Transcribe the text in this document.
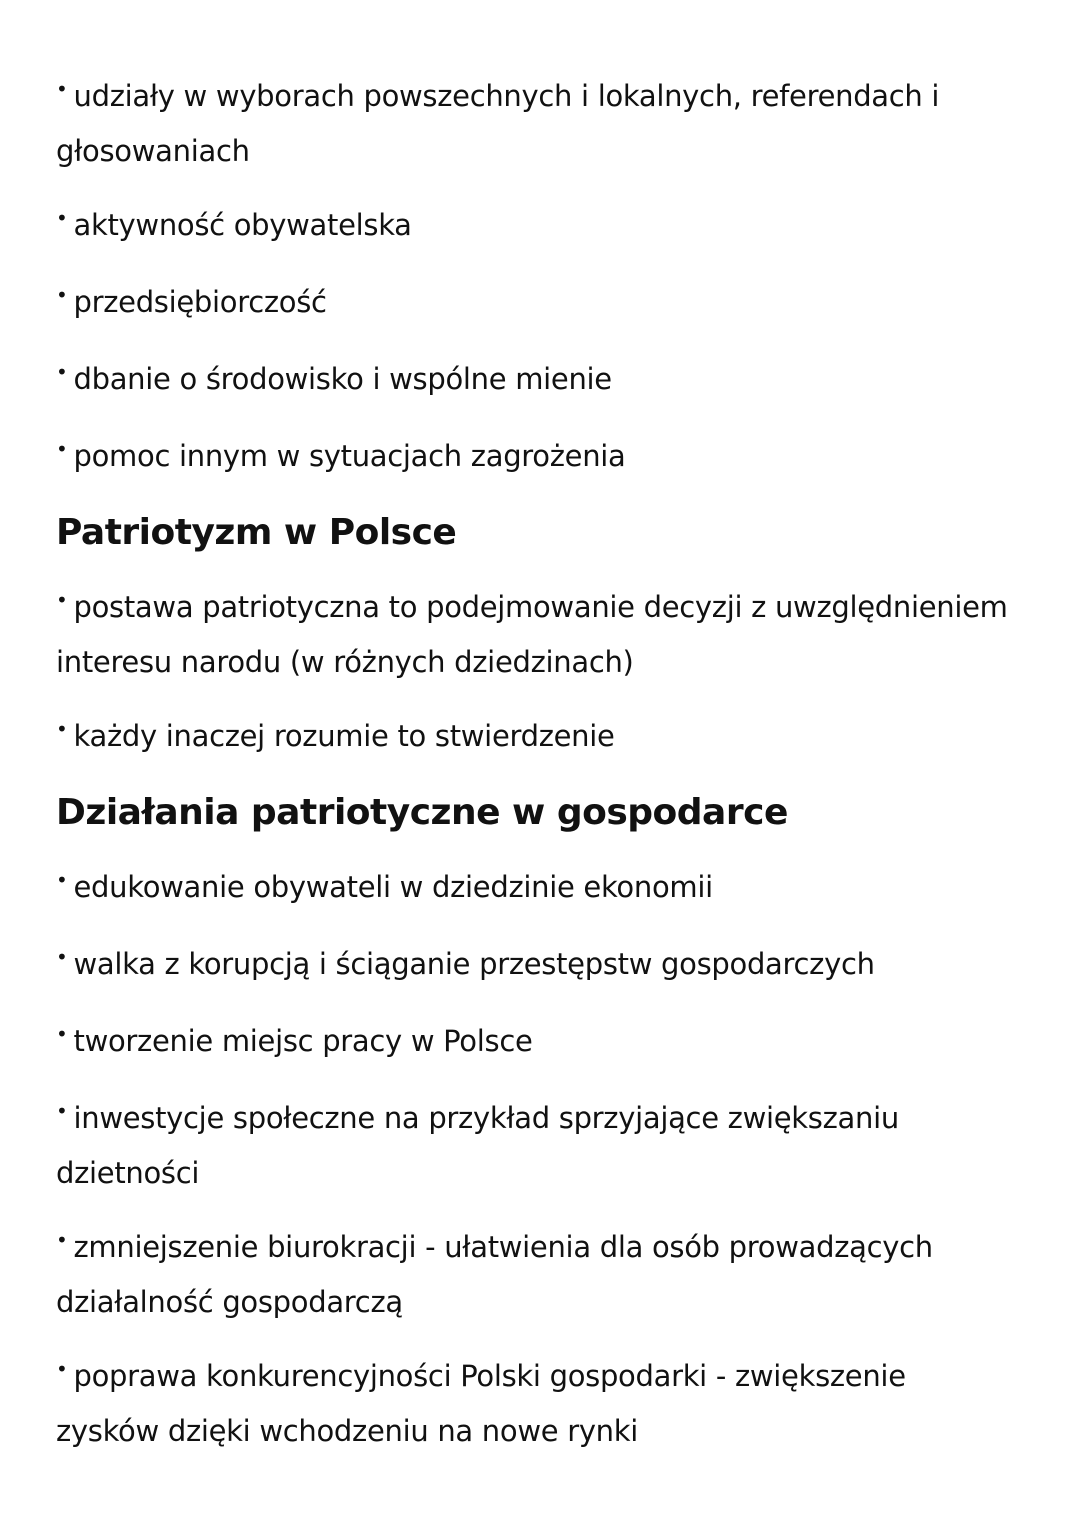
• udziały w wyborach powszechnych i lokalnych, referendach i głosowaniach
• aktywność obywatelska
• przedsiębiorczość
• dbanie o środowisko i wspólne mienie
• pomoc innym w sytuacjach zagrożenia
Patriotyzm w Polsce
• postawa patriotyczna to podejmowanie decyzji z uwzględnieniem interesu narodu (w różnych dziedzinach)
• każdy inaczej rozumie to stwierdzenie
Działania patriotyczne w gospodarce
• edukowanie obywateli w dziedzinie ekonomii
• walka z korupcją i ściąganie przestępstw gospodarczych
• tworzenie miejsc pracy w Polsce
• inwestycje społeczne na przykład sprzyjające zwiększaniu dzietności
• zmniejszenie biurokracji - ułatwienia dla osób prowadzących działalność gospodarczą
• poprawa konkurencyjności Polski gospodarki - zwiększenie zysków dzięki wchodzeniu na nowe rynki
